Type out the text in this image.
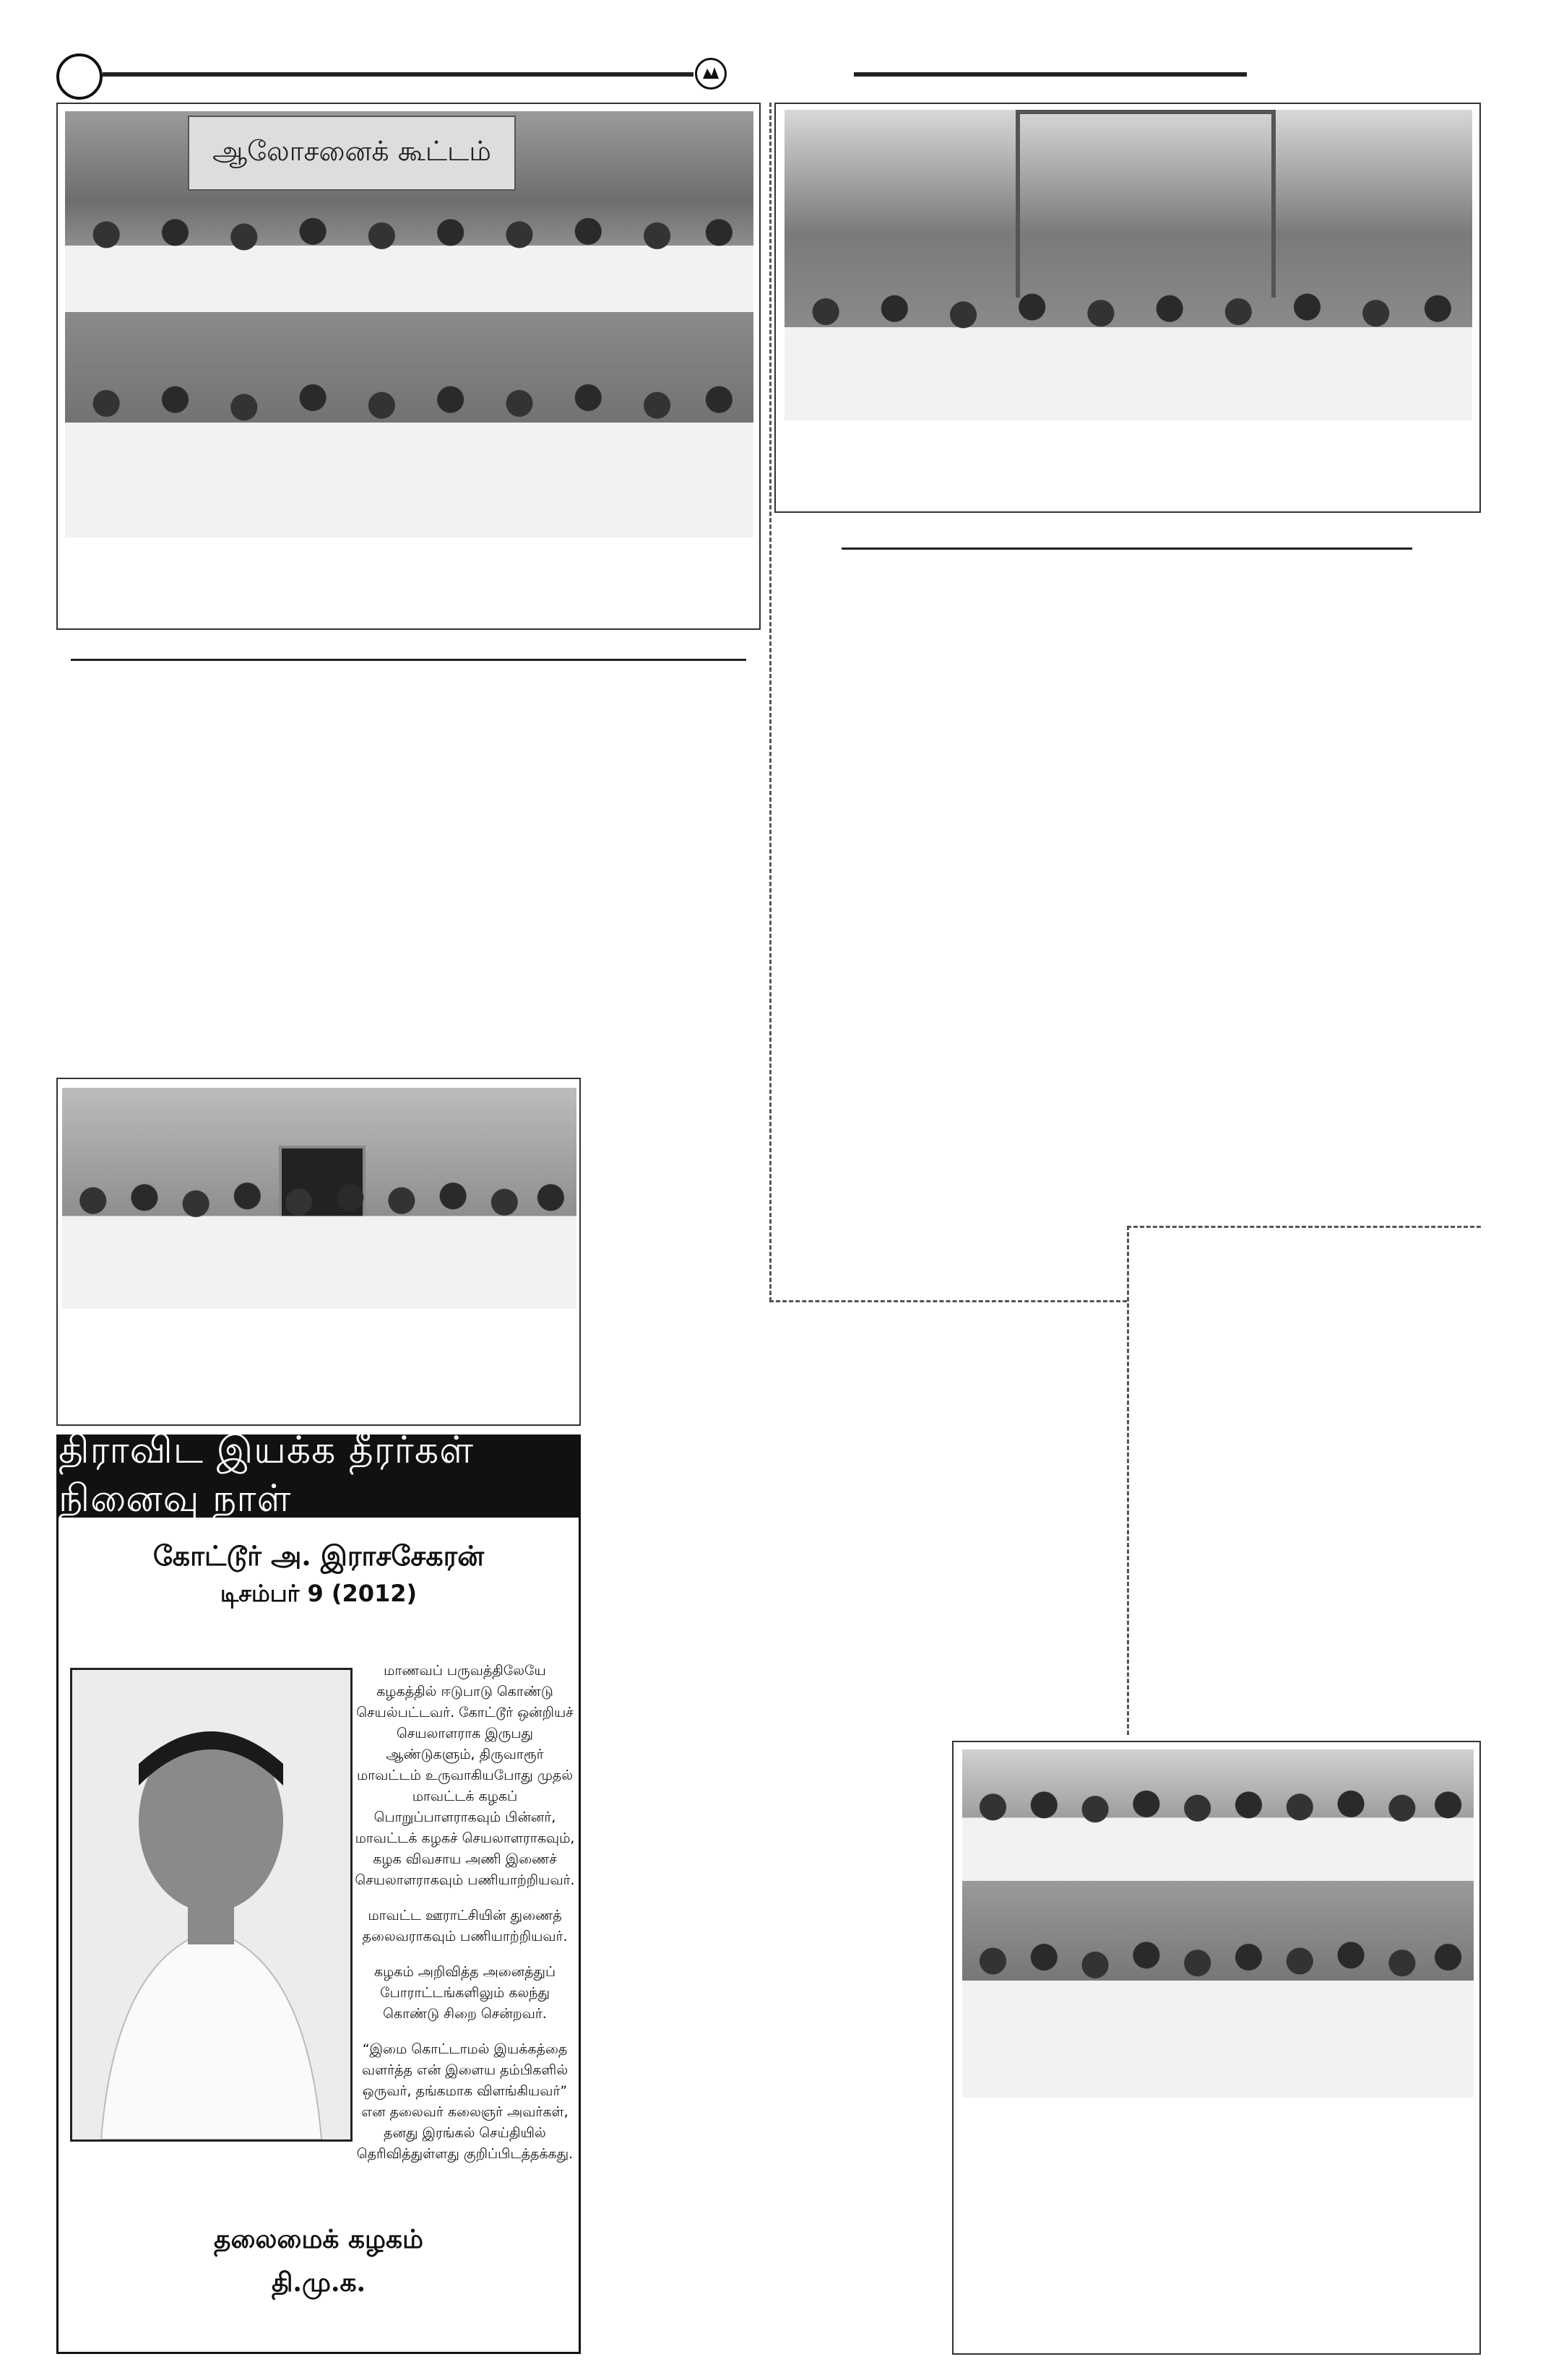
ஆலோசனைக் கூட்டம்
திராவிட இயக்க தீரர்கள் நினைவு நாள்
கோட்டூர் அ. இராசசேகரன்
டிசம்பர் 9 (2012)

மாணவப் பருவத்திலேயே கழகத்தில் ஈடுபாடு கொண்டு செயல்பட்டவர். கோட்டூர் ஒன்றியச் செயலாளராக இருபது ஆண்டுகளும், திருவாரூர் மாவட்டம் உருவாகியபோது முதல் மாவட்டக் கழகப் பொறுப்பாளராகவும் பின்னர், மாவட்டக் கழகச் செயலாளராகவும், கழக விவசாய அணி இணைச் செயலாளராகவும் பணியாற்றியவர்.

மாவட்ட ஊராட்சியின் துணைத் தலைவராகவும் பணியாற்றியவர்.

கழகம் அறிவித்த அனைத்துப் போராட்டங்களிலும் கலந்து கொண்டு சிறை சென்றவர்.

“இமை கொட்டாமல் இயக்கத்தை வளர்த்த என் இளைய தம்பிகளில் ஒருவர், தங்கமாக விளங்கியவர்” என தலைவர் கலைஞர் அவர்கள், தனது இரங்கல் செய்தியில் தெரிவித்துள்ளது குறிப்பிடத்தக்கது.

தலைமைக் கழகம்
தி.மு.க.
